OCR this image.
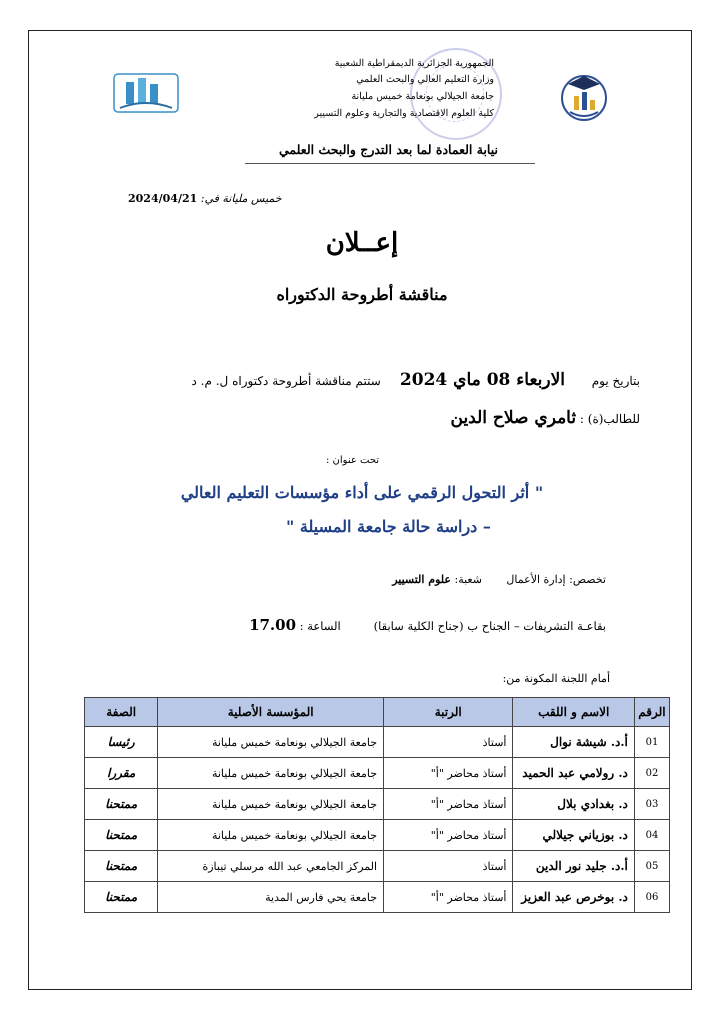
الجمهورية الجزائرية الديمقراطية الشعبية
وزارة التعليم العالي والبحث العلمي
جامعة الجيلالي بونعامة خميس مليانة
كلية العلوم الاقتصادية والتجارية وعلوم التسيير
نيابة العمادة لما بعد التدرج والبحث العلمي
خميس مليانة في: 2024/04/21
إعــلان
مناقشة أطروحة الدكتوراه
بتاريخ يوم       الاربعاء 08 ماي 2024     ستتم مناقشة أطروحة دكتوراه ل. م. د
للطالب(ة) : ثامري صلاح الدين
تحت عنوان :
" أثر التحول الرقمي على أداء مؤسسات التعليم العالي
– دراسة حالة جامعة المسيلة "
تخصص: إدارة الأعمال       شعبة: علوم التسيير
بقاعـة التشريفات – الجناح ب (جناح الكلية سابقا)         الساعة : 17.00
أمام اللجنة المكونة من:
الرقم	الاسم و اللقب	الرتبة	المؤسسة الأصلية	الصفة
01	أ.د. شيشة نوال	أستاذ	جامعة الجيلالي بونعامة خميس مليانة	رئيسا
02	د. رولامي عبد الحميد	أستاذ محاضر "أ"	جامعة الجيلالي بونعامة خميس مليانة	مقررا
03	د. بغدادي بلال	أستاذ محاضر "أ"	جامعة الجيلالي بونعامة خميس مليانة	ممتحنا
04	د. بوزياني جيلالي	أستاذ محاضر "أ"	جامعة الجيلالي بونعامة خميس مليانة	ممتحنا
05	أ.د. جليد نور الدين	أستاذ	المركز الجامعي عبد الله مرسلي تيبازة	ممتحنا
06	د. بوخرص عبد العزيز	أستاذ محاضر "أ"	جامعة يحي فارس المدية	ممتحنا
